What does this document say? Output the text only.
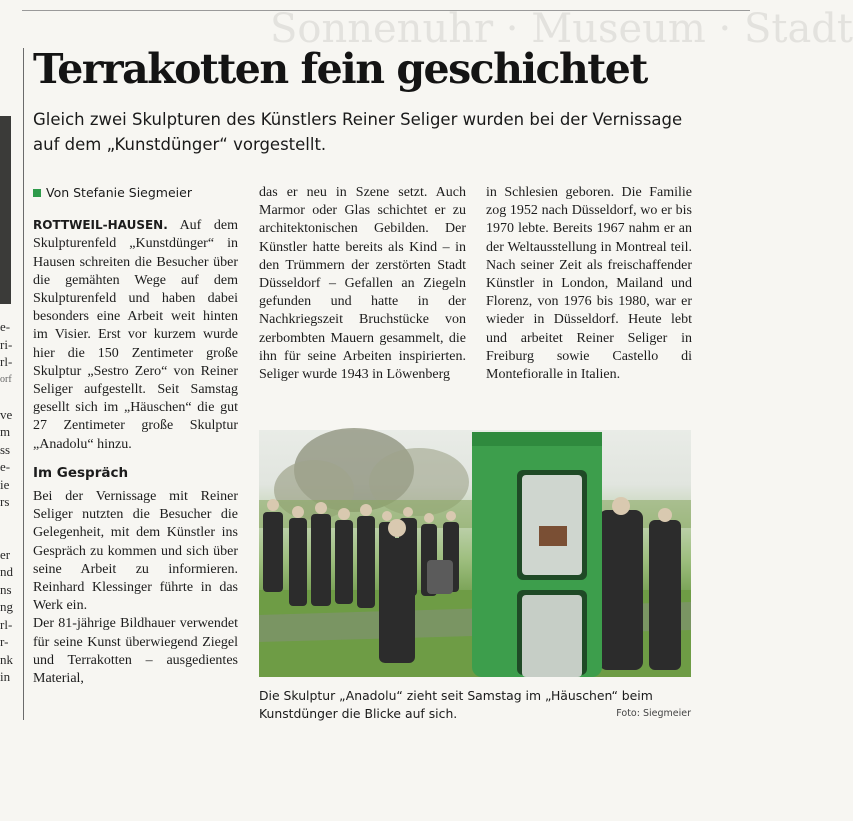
Sonnenuhr · Museum · Stadt
e-
ri-
rl-
orf
ve
m
ss
e-
ie
rs
er
nd
ns
ng
rl-
r-
nk
in
Terrakotten fein geschichtet

Gleich zwei Skulpturen des Künstlers Reiner Seliger wurden bei der Vernissage auf dem „Kunstdünger“ vorgestellt.

Von Stefanie Siegmeier

ROTTWEIL-HAUSEN. Auf dem Skulpturenfeld „Kunstdünger“ in Hausen schreiten die Besucher über die gemähten Wege auf dem Skulpturenfeld und haben dabei besonders eine Arbeit weit hinten im Visier. Erst vor kurzem wurde hier die 150 Zentimeter große Skulptur „Sestro Zero“ von Reiner Seliger aufgestellt. Seit Samstag gesellt sich im „Häuschen“ die gut 27 Zentimeter große Skulptur „Anadolu“ hinzu.

Im Gespräch

Bei der Vernissage mit Reiner Seliger nutzten die Besucher die Gelegenheit, mit dem Künstler ins Gespräch zu kommen und sich über seine Arbeit zu informieren. Reinhard Klessinger führte in das Werk ein.

Der 81-jährige Bildhauer verwendet für seine Kunst überwiegend Ziegel und Terrakotten – ausgedientes Material,

das er neu in Szene setzt. Auch Marmor oder Glas schichtet er zu architektonischen Gebilden. Der Künstler hatte bereits als Kind – in den Trümmern der zerstörten Stadt Düsseldorf – Gefallen an Ziegeln gefunden und hatte in der Nachkriegszeit Bruchstücke von zerbombten Mauern gesammelt, die ihn für seine Arbeiten inspirierten. Seliger wurde 1943 in Löwenberg

in Schlesien geboren. Die Familie zog 1952 nach Düsseldorf, wo er bis 1970 lebte. Bereits 1967 nahm er an der Weltausstellung in Montreal teil. Nach seiner Zeit als freischaffender Künstler in London, Mailand und Florenz, von 1976 bis 1980, war er wieder in Düsseldorf. Heute lebt und arbeitet Reiner Seliger in Freiburg sowie Castello di Montefioralle in Italien.

Die Skulptur „Anadolu“ zieht seit Samstag im „Häuschen“ beim Kunstdünger die Blicke auf sich.	Foto: Siegmeier
